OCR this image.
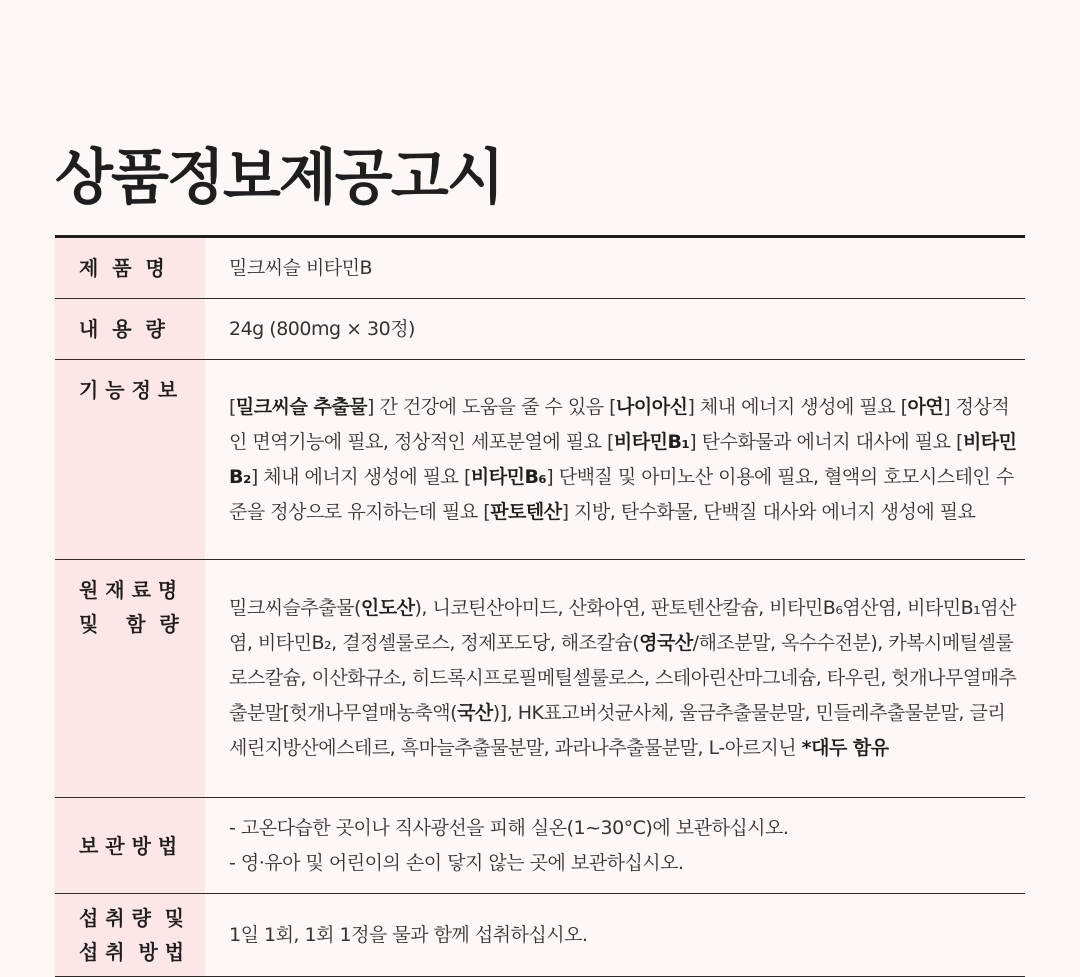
상품정보제공고시
제  품  명	밀크씨슬 비타민B

내  용  량	24g (800mg × 30정)

기 능 정 보	[밀크씨슬 추출물] 간 건강에 도움을 줄 수 있음 [나이아신] 체내 에너지 생성에 필요 [아연] 정상적인 면역기능에 필요, 정상적인 세포분열에 필요 [비타민B₁] 탄수화물과 에너지 대사에 필요 [비타민B₂] 체내 에너지 생성에 필요 [비타민B₆] 단백질 및 아미노산 이용에 필요, 혈액의 호모시스테인 수준을 정상으로 유지하는데 필요 [판토텐산] 지방, 탄수화물, 단백질 대사와 에너지 생성에 필요

원 재 료 명
및    함  량	밀크씨슬추출물(인도산), 니코틴산아미드, 산화아연, 판토텐산칼슘, 비타민B₆염산염, 비타민B₁염산염, 비타민B₂, 결정셀룰로스, 정제포도당, 해조칼슘(영국산/해조분말, 옥수수전분), 카복시메틸셀룰로스칼슘, 이산화규소, 히드록시프로필메틸셀룰로스, 스테아린산마그네슘, 타우린, 헛개나무열매추출분말[헛개나무열매농축액(국산)], HK표고버섯균사체, 울금추출물분말, 민들레추출물분말, 글리세린지방산에스테르, 흑마늘추출물분말, 과라나추출물분말, L-아르지닌 *대두 함유

보 관 방 법	- 고온다습한 곳이나 직사광선을 피해 실온(1~30°C)에 보관하십시오.
- 영·유아 및 어린이의 손이 닿지 않는 곳에 보관하십시오.

섭 취 량  및
섭 취  방 법	1일 1회, 1회 1정을 물과 함께 섭취하십시오.
